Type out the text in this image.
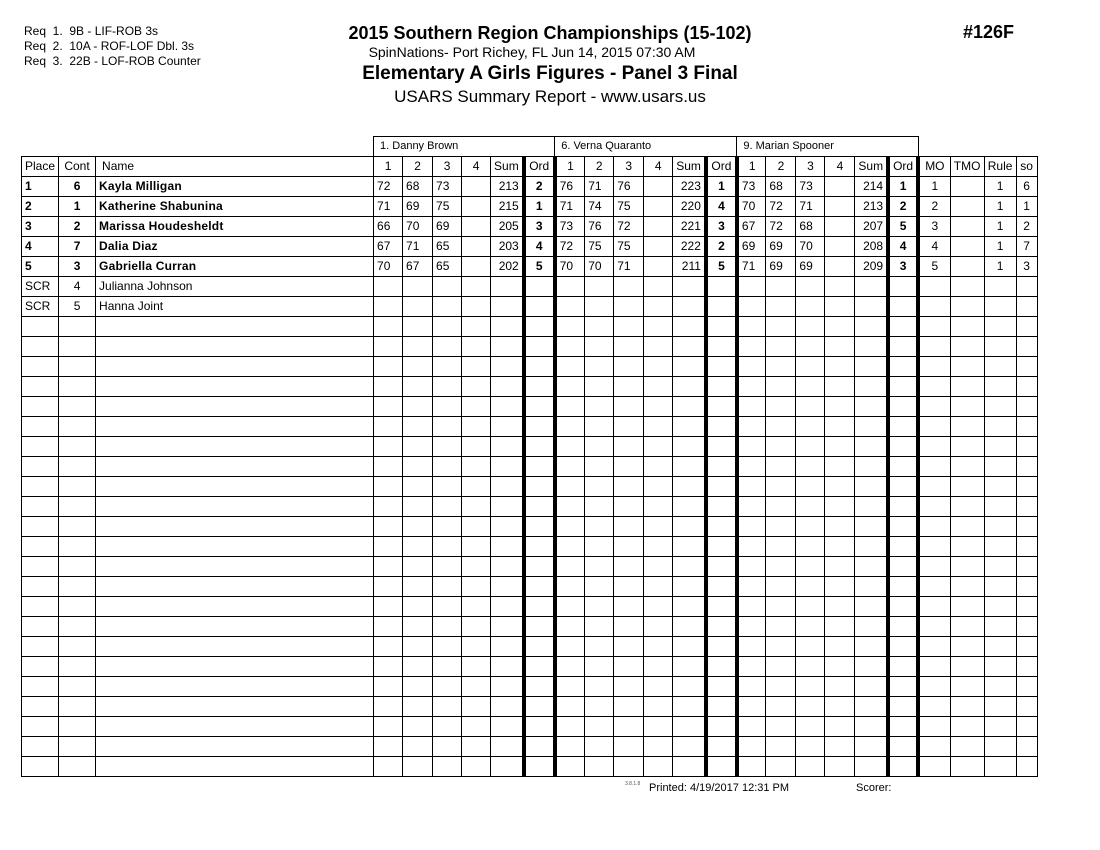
Req  1.  9B - LIF-ROB 3s
Req  2.  10A - ROF-LOF Dbl. 3s
Req  3.  22B - LOF-ROB Counter
2015 Southern Region Championships (15-102)
SpinNations- Port Richey, FL Jun 14, 2015 07:30 AM
Elementary A Girls Figures - Panel 3 Final
USARS Summary Report - www.usars.us
#126F
			1. Danny Brown						6. Verna Quaranto						9. Marian Spooner									
Place	Cont	Name	1	2	3	4	Sum	Ord	1	2	3	4	Sum	Ord	1	2	3	4	Sum	Ord	MO	TMO	Rule	so
1	6	Kayla Milligan	72	68	73		213	2	76	71	76		223	1	73	68	73		214	1	1		1	6
2	1	Katherine Shabunina	71	69	75		215	1	71	74	75		220	4	70	72	71		213	2	2		1	1
3	2	Marissa Houdesheldt	66	70	69		205	3	73	76	72		221	3	67	72	68		207	5	3		1	2
4	7	Dalia Diaz	67	71	65		203	4	72	75	75		222	2	69	69	70		208	4	4		1	7
5	3	Gabriella Curran	70	67	65		202	5	70	70	71		211	5	71	69	69		209	3	5		1	3
SCR	4	Julianna Johnson																						
SCR	5	Hanna Joint																						

3.8.1.8 Printed: 4/19/2017 12:31 PM	Scorer:
